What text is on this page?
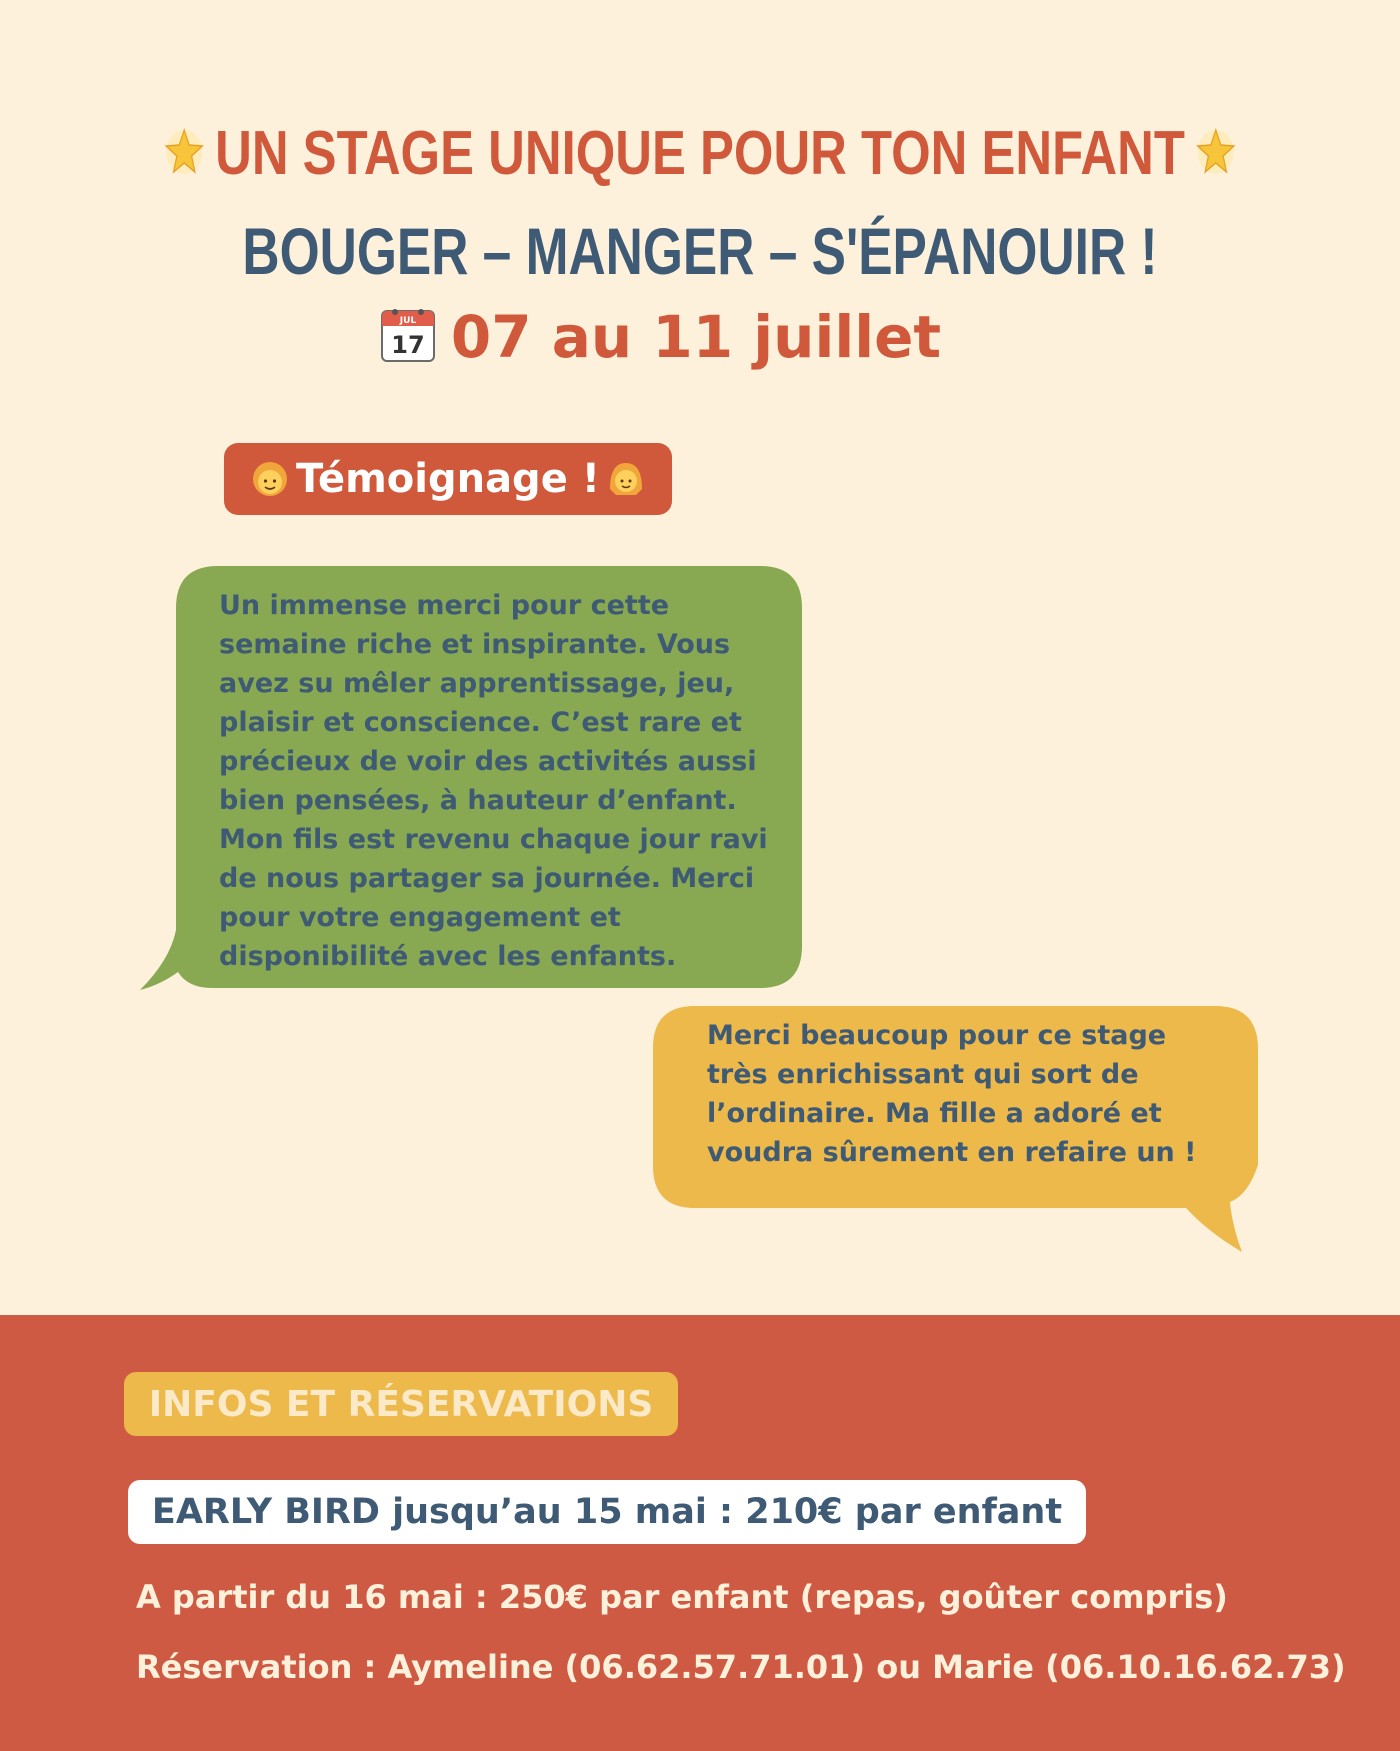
UN STAGE UNIQUE POUR TON ENFANT
BOUGER – MANGER – S'ÉPANOUIR !
JUL
17 07 au 11 juillet
Témoignage !
Un immense merci pour cette semaine riche et inspirante. Vous avez su mêler apprentissage, jeu, plaisir et conscience. C’est rare et précieux de voir des activités aussi bien pensées, à hauteur d’enfant. Mon fils est revenu chaque jour ravi de nous partager sa journée. Merci pour votre engagement et disponibilité avec les enfants.
Merci beaucoup pour ce stage très enrichissant qui sort de l’ordinaire. Ma fille a adoré et voudra sûrement en refaire un !
INFOS ET RÉSERVATIONS
EARLY BIRD jusqu’au 15 mai : 210€ par enfant
A partir du 16 mai : 250€ par enfant (repas, goûter compris)
Réservation : Aymeline (06.62.57.71.01) ou Marie (06.10.16.62.73)
